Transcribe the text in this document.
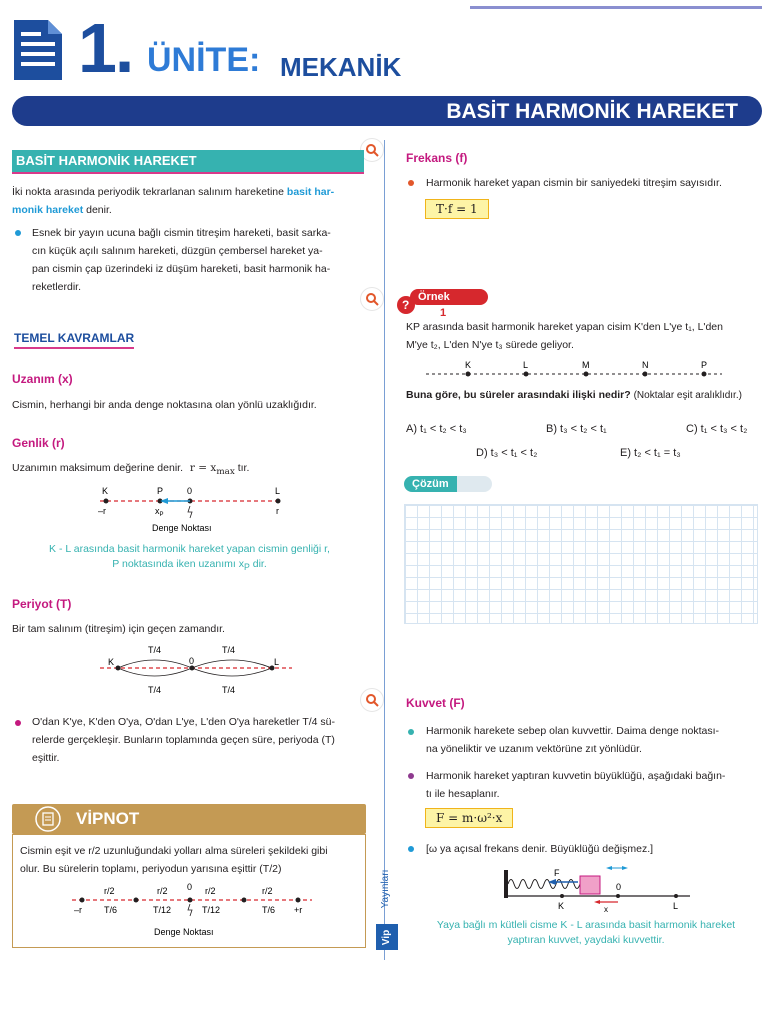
1. ÜNİTE: MEKANİK
BASİT HARMONİK HAREKET
BASİT HARMONİK HAREKET
İki nokta arasında periyodik tekrarlanan salınım hareketine basit har-
monik hareket denir.
Esnek bir yayın ucuna bağlı cismin titreşim hareketi, basit sarka-
cın küçük açılı salınım hareketi, düzgün çembersel hareket ya-
pan cismin çap üzerindeki iz düşüm hareketi, basit harmonik ha-
reketlerdir.
TEMEL KAVRAMLAR
Uzanım (x)
Cismin, herhangi bir anda denge noktasına olan yönlü uzaklığıdır.
Genlik (r)
Uzanımın maksimum değerine denir. $r = x_{max}$ tır.
K	P	0	L
–r	$x_P$	r
Denge Noktası
K - L arasında basit harmonik hareket yapan cismin genliği r,
P noktasında iken uzanımı $x_P$ dir.
Periyot (T)
Bir tam salınım (titreşim) için geçen zamandır.
K	0	L
T/4	T/4
T/4	T/4
O'dan K'ye, K'den O'ya, O'dan L'ye, L'den O'ya hareketler T/4 sü-
relerde gerçekleşir. Bunların toplamında geçen süre, periyoda (T)
eşittir.
VİPNOT
Cismin eşit ve r/2 uzunluğundaki yolları alma süreleri şekildeki gibi
olur. Bu sürelerin toplamı, periyodun yarısına eşittir (T/2)
r/2	r/2 0 r/2	r/2
–r T/6	T/12	T/12	T/6 +r
Denge Noktası	Vip
Yayınları
Frekans (f)
Harmonik hareket yapan cismin bir saniyedeki titreşim sayısıdır.
T·f = 1
?
Örnek 1
KP arasında basit harmonik hareket yapan cisim K'den L'ye t₁, L'den
M'ye t₂, L'den N'ye t₃ sürede geliyor.
K	L	M	N	P
Buna göre, bu süreler arasındaki ilişki nedir? (Noktalar eşit aralıklıdır.)
A) t₁ < t₂ < t₃	B) t₃ < t₂ < t₁	C) t₁ < t₃ < t₂
D) t₃ < t₁ < t₂	E) t₂ < t₁ = t₃
Çözüm
Kuvvet (F)
Harmonik harekete sebep olan kuvvettir. Daima denge noktası-
na yöneliktir ve uzanım vektörüne zıt yönlüdür.
Harmonik hareket yaptıran kuvvetin büyüklüğü, aşağıdaki bağın-
tı ile hesaplanır.
F = m·ω²·x
[ω ya açısal frekans denir. Büyüklüğü değişmez.]
F
0
K	x	L
Yaya bağlı m kütleli cisme K - L arasında basit harmonik hareket
yaptıran kuvvet, yaydaki kuvvettir.
